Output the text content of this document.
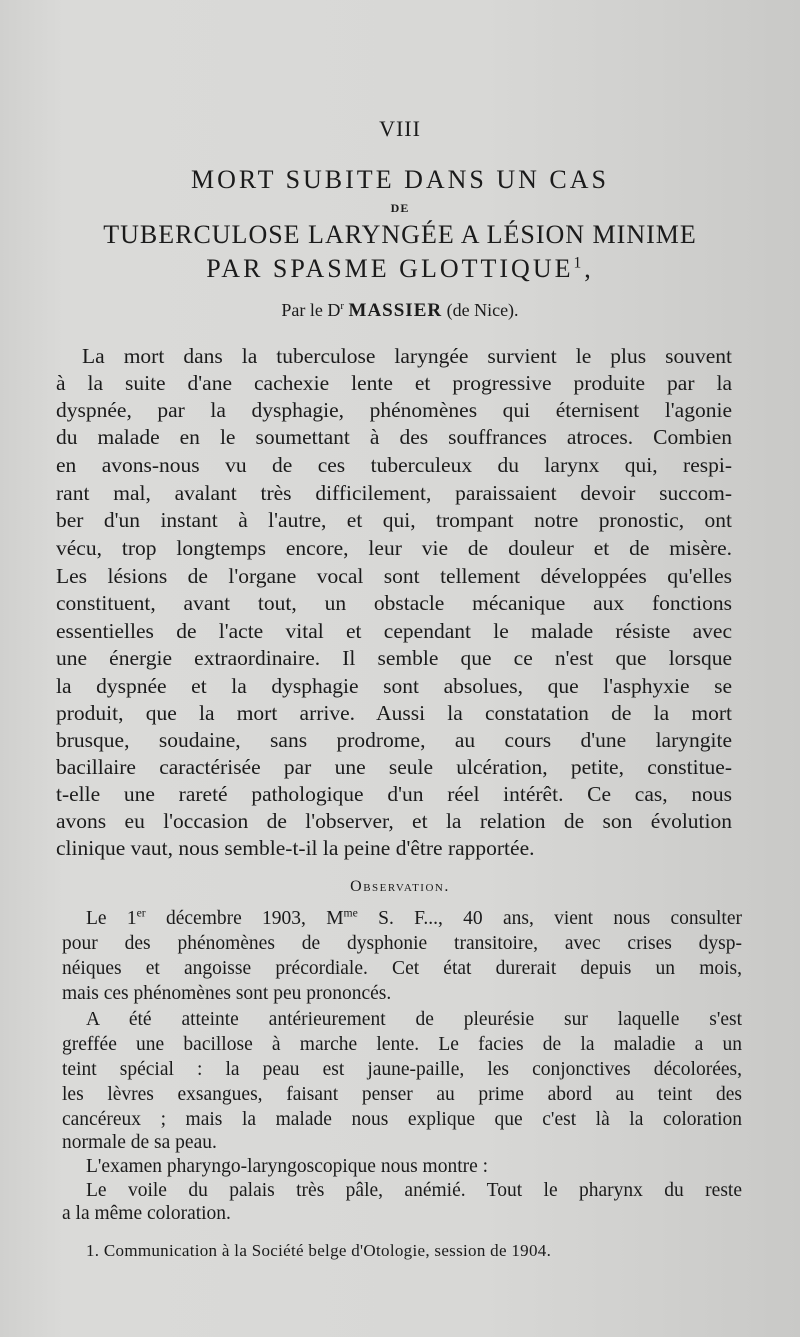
VIII
MORT SUBITE DANS UN CAS
DE
TUBERCULOSE LARYNGÉE A LÉSION MINIME
PAR SPASME GLOTTIQUE$^1$,
Par le $D^r$ MASSIER (de Nice).
La mort dans la tuberculose laryngée survient le plus souvent
à la suite d'ane cachexie lente et progressive produite par la
dyspnée, par la dysphagie, phénomènes qui éternisent l'agonie
du malade en le soumettant à des souffrances atroces. Combien
en avons-nous vu de ces tuberculeux du larynx qui, respi-
rant mal, avalant très difficilement, paraissaient devoir succom-
ber d'un instant à l'autre, et qui, trompant notre pronostic, ont
vécu, trop longtemps encore, leur vie de douleur et de misère.
Les lésions de l'organe vocal sont tellement développées qu'elles
constituent, avant tout, un obstacle mécanique aux fonctions
essentielles de l'acte vital et cependant le malade résiste avec
une énergie extraordinaire. Il semble que ce n'est que lorsque
la dyspnée et la dysphagie sont absolues, que l'asphyxie se
produit, que la mort arrive. Aussi la constatation de la mort
brusque, soudaine, sans prodrome, au cours d'une laryngite
bacillaire caractérisée par une seule ulcération, petite, constitue-
t-elle une rareté pathologique d'un réel intérêt. Ce cas, nous
avons eu l'occasion de l'observer, et la relation de son évolution
clinique vaut, nous semble-t-il la peine d'être rapportée.
Observation.
Le 1er décembre 1903, $M^{me}$ S. F..., 40 ans, vient nous consulter
pour des phénomènes de dysphonie transitoire, avec crises dysp-
néiques et angoisse précordiale. Cet état durerait depuis un mois,
mais ces phénomènes sont peu prononcés.
A été atteinte antérieurement de pleurésie sur laquelle s'est
greffée une bacillose à marche lente. Le facies de la maladie a un
teint spécial : la peau est jaune-paille, les conjonctives décolorées,
les lèvres exsangues, faisant penser au prime abord au teint des
cancéreux ; mais la malade nous explique que c'est là la coloration
normale de sa peau.
L'examen pharyngo-laryngoscopique nous montre :
Le voile du palais très pâle, anémié. Tout le pharynx du reste
a la même coloration.
1. Communication à la Société belge d'Otologie, session de 1904.
